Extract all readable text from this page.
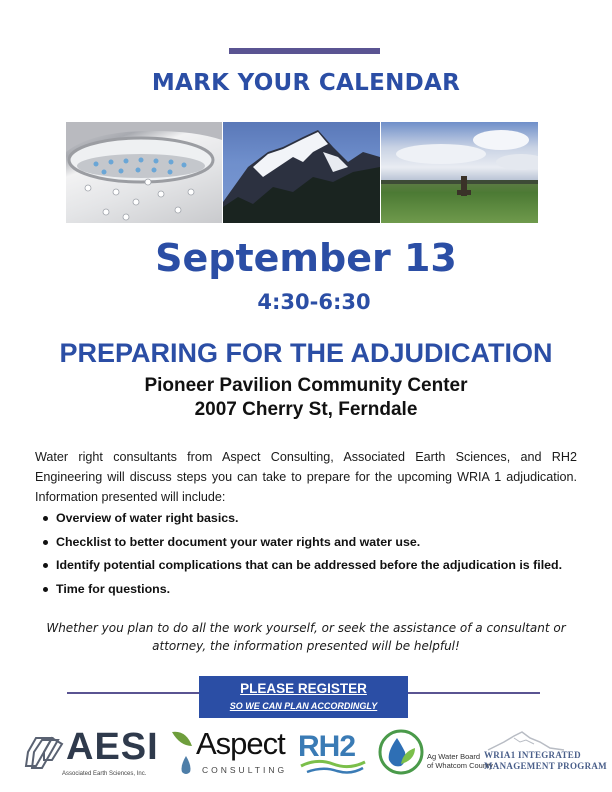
MARK YOUR CALENDAR
September 13
4:30-6:30
PREPARING FOR THE ADJUDICATION
Pioneer Pavilion Community Center
2007 Cherry St, Ferndale
Water right consultants from Aspect Consulting, Associated Earth Sciences, and RH2 Engineering will discuss steps you can take to prepare for the upcoming WRIA 1 adjudication. Information presented will include:
Overview of water right basics.
Checklist to better document your water rights and water use.
Identify potential complications that can be addressed before the adjudication is filed.
Time for questions.
Whether you plan to do all the work yourself, or seek the assistance of a consultant or attorney, the information presented will be helpful!
PLEASE REGISTER
SO WE CAN PLAN ACCORDINGLY
AESI
Associated Earth Sciences, Inc.
Aspect
CONSULTING
RH2	Ag Water Board
of Whatcom County
WRIA1 INTEGRATED
MANAGEMENT PROGRAM
